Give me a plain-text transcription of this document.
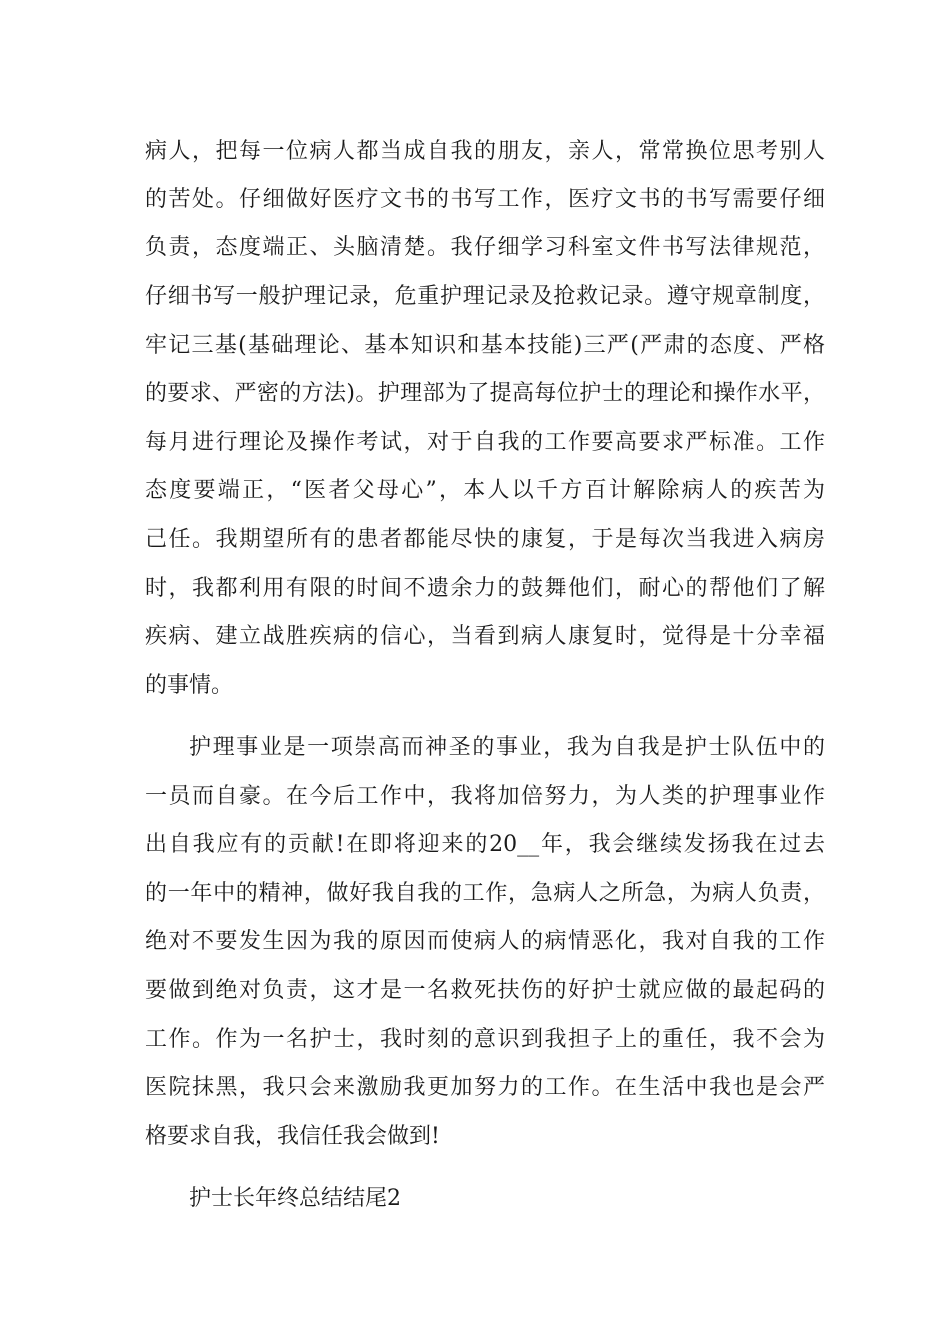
病人，把每一位病人都当成自我的朋友，亲人，常常换位思考别人
的苦处。仔细做好医疗文书的书写工作，医疗文书的书写需要仔细
负责，态度端正、头脑清楚。我仔细学习科室文件书写法律规范，
仔细书写一般护理记录，危重护理记录及抢救记录。遵守规章制度，
牢记三基(基础理论、基本知识和基本技能)三严(严肃的态度、严格
的要求、严密的方法)。护理部为了提高每位护士的理论和操作水平，
每月进行理论及操作考试，对于自我的工作要高要求严标准。工作
态度要端正，“医者父母心”，本人以千方百计解除病人的疾苦为
己任。我期望所有的患者都能尽快的康复，于是每次当我进入病房
时，我都利用有限的时间不遗余力的鼓舞他们，耐心的帮他们了解
疾病、建立战胜疾病的信心，当看到病人康复时，觉得是十分幸福
的事情。
护理事业是一项崇高而神圣的事业，我为自我是护士队伍中的
一员而自豪。在今后工作中，我将加倍努力，为人类的护理事业作
出自我应有的贡献!在即将迎来的20__年，我会继续发扬我在过去
的一年中的精神，做好我自我的工作，急病人之所急，为病人负责，
绝对不要发生因为我的原因而使病人的病情恶化，我对自我的工作
要做到绝对负责，这才是一名救死扶伤的好护士就应做的最起码的
工作。作为一名护士，我时刻的意识到我担子上的重任，我不会为
医院抹黑，我只会来激励我更加努力的工作。在生活中我也是会严
格要求自我，我信任我会做到!
护士长年终总结结尾2
